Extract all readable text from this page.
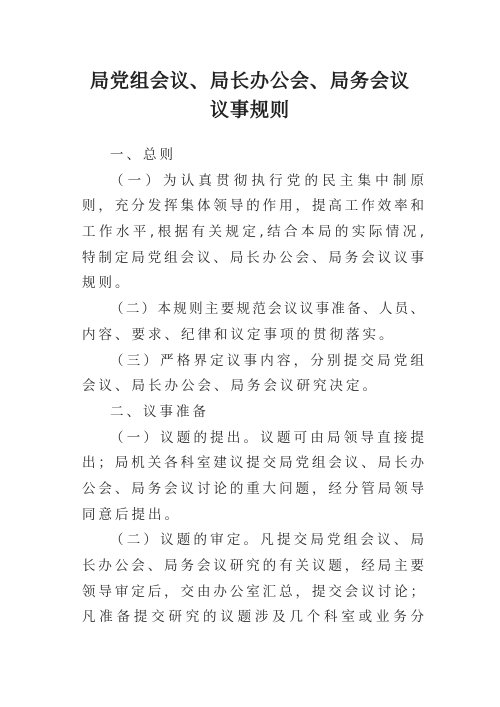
局党组会议、局长办公会、局务会议
议事规则
一、总则
（一）为认真贯彻执行党的民主集中制原
则，充分发挥集体领导的作用，提高工作效率和
工作水平,根据有关规定,结合本局的实际情况,
特制定局党组会议、局长办公会、局务会议议事
规则。
（二）本规则主要规范会议议事准备、人员、
内容、要求、纪律和议定事项的贯彻落实。
（三）严格界定议事内容，分别提交局党组
会议、局长办公会、局务会议研究决定。
二、议事准备
（一）议题的提出。议题可由局领导直接提
出；局机关各科室建议提交局党组会议、局长办
公会、局务会议讨论的重大问题，经分管局领导
同意后提出。
（二）议题的审定。凡提交局党组会议、局
长办公会、局务会议研究的有关议题，经局主要
领导审定后，交由办公室汇总，提交会议讨论；
凡准备提交研究的议题涉及几个科室或业务分
